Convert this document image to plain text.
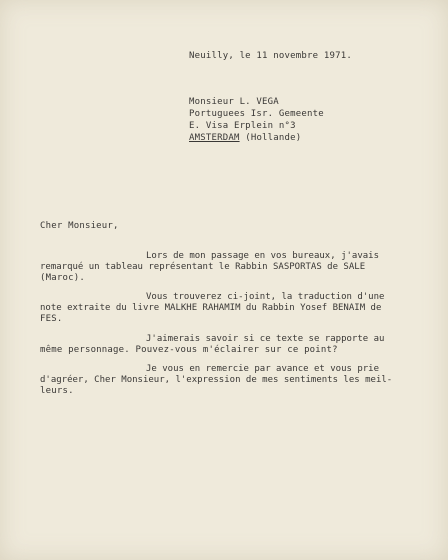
Neuilly, le 11 novembre 1971.
Monsieur L. VEGA
Portuguees Isr. Gemeente
E. Visa Erplein n°3
AMSTERDAM (Hollande)
Cher Monsieur,
Lors de mon passage en vos bureaux, j'avais
remarqué un tableau représentant le Rabbin SASPORTAS de SALE
(Maroc).
Vous trouverez ci-joint, la traduction d'une
note extraite du livre MALKHE RAHAMIM du Rabbin Yosef BENAIM de
FES.
J'aimerais savoir si ce texte se rapporte au
même personnage. Pouvez-vous m'éclairer sur ce point?
Je vous en remercie par avance et vous prie
d'agréer, Cher Monsieur, l'expression de mes sentiments les meil-
leurs.
